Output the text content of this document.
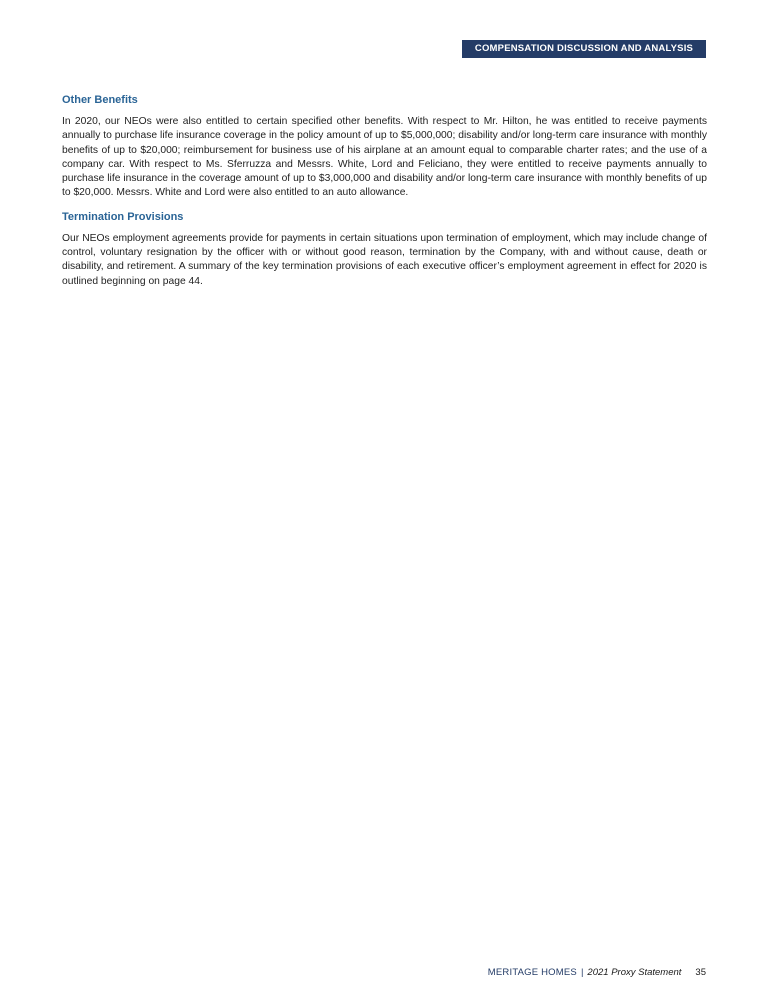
COMPENSATION DISCUSSION AND ANALYSIS
Other Benefits

In 2020, our NEOs were also entitled to certain specified other benefits. With respect to Mr. Hilton, he was entitled to receive payments annually to purchase life insurance coverage in the policy amount of up to $5,000,000; disability and/or long-term care insurance with monthly benefits of up to $20,000; reimbursement for business use of his airplane at an amount equal to comparable charter rates; and the use of a company car. With respect to Ms. Sferruzza and Messrs. White, Lord and Feliciano, they were entitled to receive payments annually to purchase life insurance in the coverage amount of up to $3,000,000 and disability and/or long-term care insurance with monthly benefits of up to $20,000. Messrs. White and Lord were also entitled to an auto allowance.

Termination Provisions

Our NEOs employment agreements provide for payments in certain situations upon termination of employment, which may include change of control, voluntary resignation by the officer with or without good reason, termination by the Company, with and without cause, death or disability, and retirement. A summary of the key termination provisions of each executive officer’s employment agreement in effect for 2020 is outlined beginning on page 44.

MERITAGE HOMES | 2021 Proxy Statement 35
